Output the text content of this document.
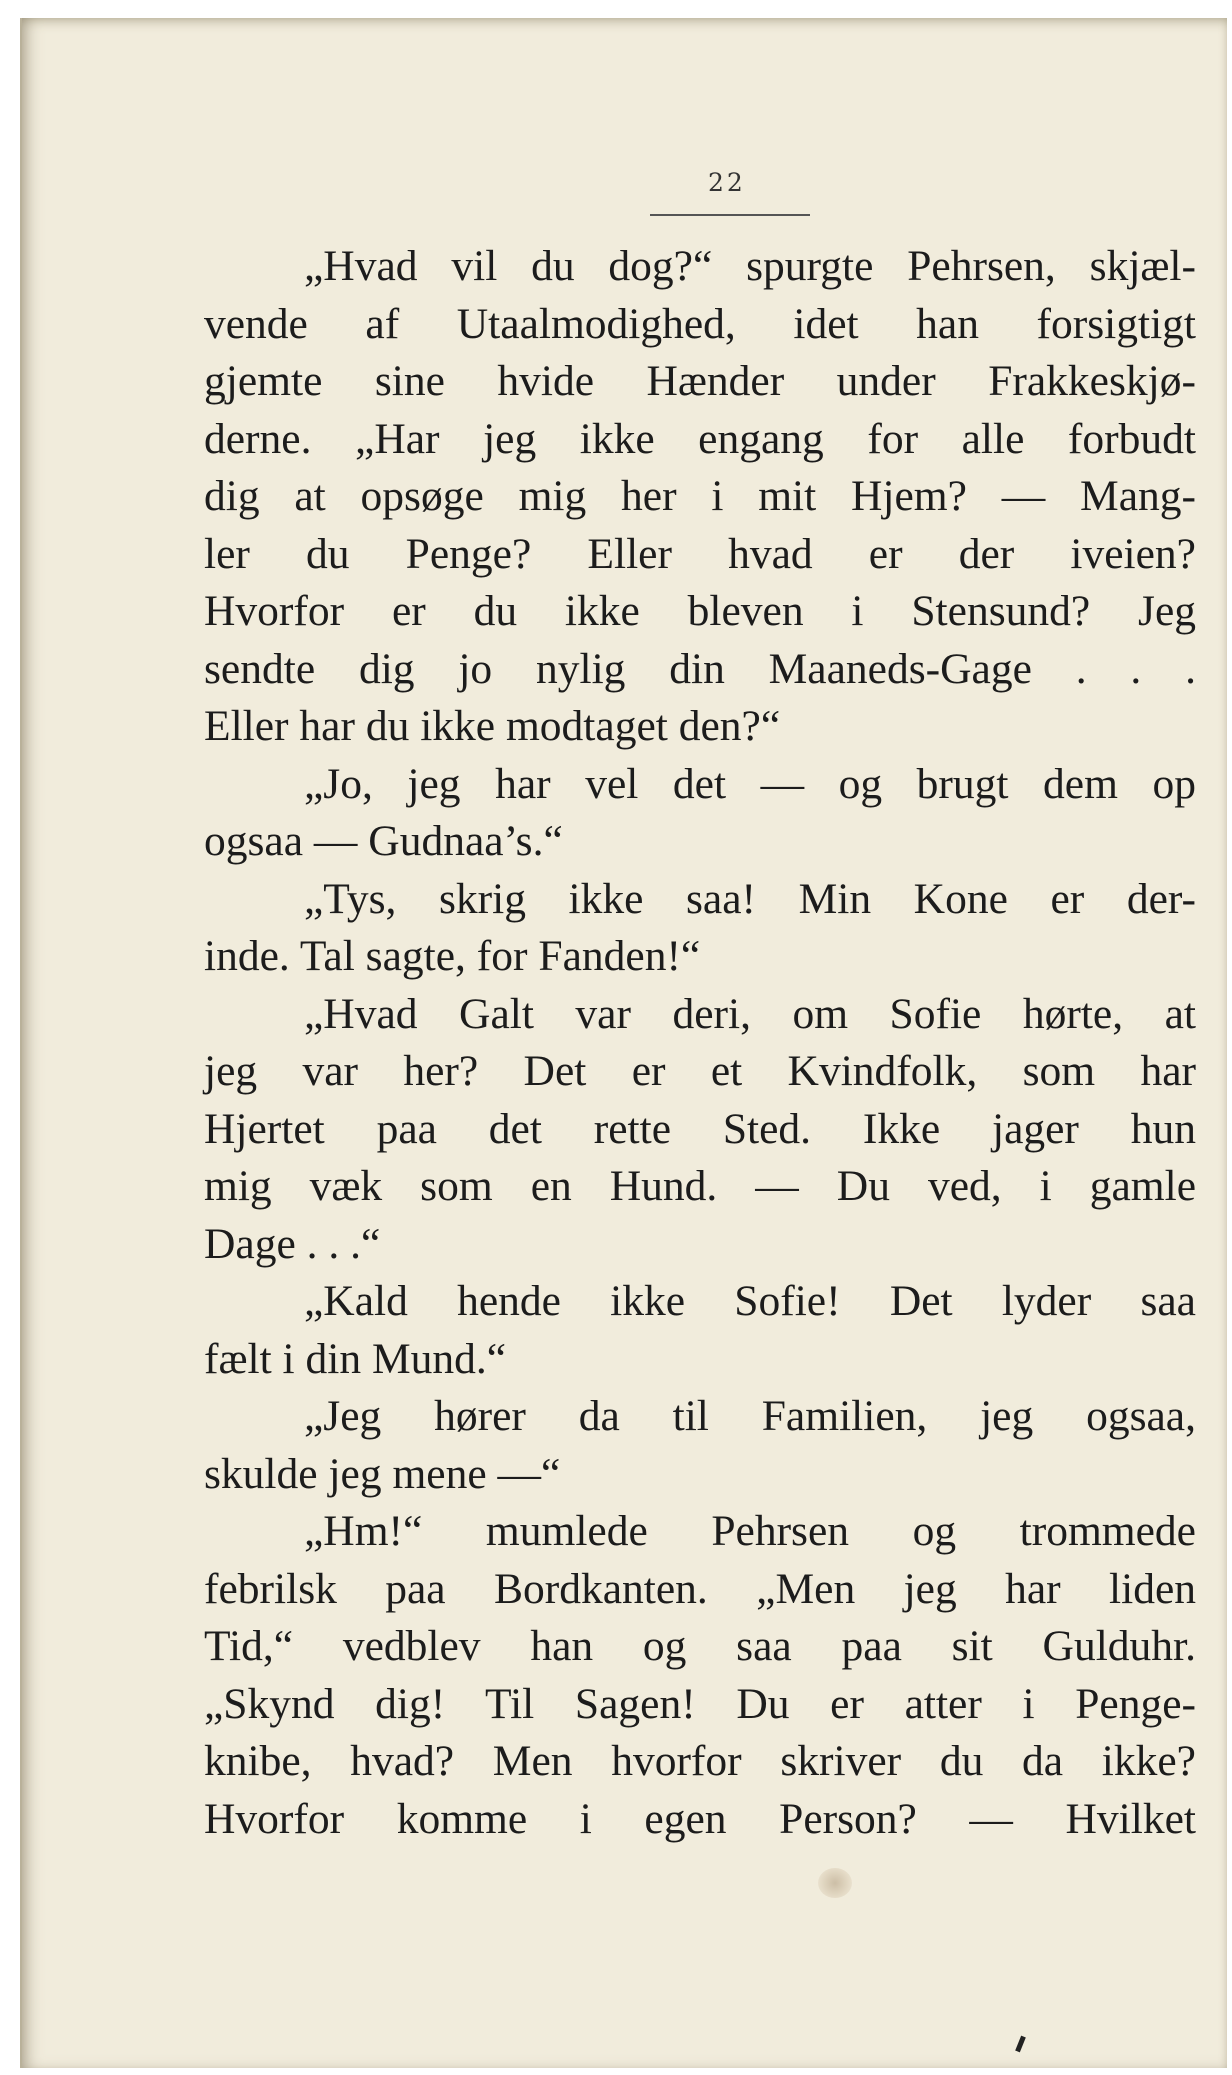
22
„Hvad vil du dog?“ spurgte Pehrsen, skjæl-
vende af Utaalmodighed, idet han forsigtigt
gjemte sine hvide Hænder under Frakkeskjø-
derne. „Har jeg ikke engang for alle forbudt
dig at opsøge mig her i mit Hjem? — Mang-
ler du Penge? Eller hvad er der iveien?
Hvorfor er du ikke bleven i Stensund? Jeg
sendte dig jo nylig din Maaneds-Gage . . .
Eller har du ikke modtaget den?“
„Jo, jeg har vel det — og brugt dem op
ogsaa — Gudnaa’s.“
„Tys, skrig ikke saa! Min Kone er der-
inde. Tal sagte, for Fanden!“
„Hvad Galt var deri, om Sofie hørte, at
jeg var her? Det er et Kvindfolk, som har
Hjertet paa det rette Sted. Ikke jager hun
mig væk som en Hund. — Du ved, i gamle
Dage . . .“
„Kald hende ikke Sofie! Det lyder saa
fælt i din Mund.“
„Jeg hører da til Familien, jeg ogsaa,
skulde jeg mene —“
„Hm!“ mumlede Pehrsen og trommede
febrilsk paa Bordkanten. „Men jeg har liden
Tid,“ vedblev han og saa paa sit Gulduhr.
„Skynd dig! Til Sagen! Du er atter i Penge-
knibe, hvad? Men hvorfor skriver du da ikke?
Hvorfor komme i egen Person? — Hvilket
